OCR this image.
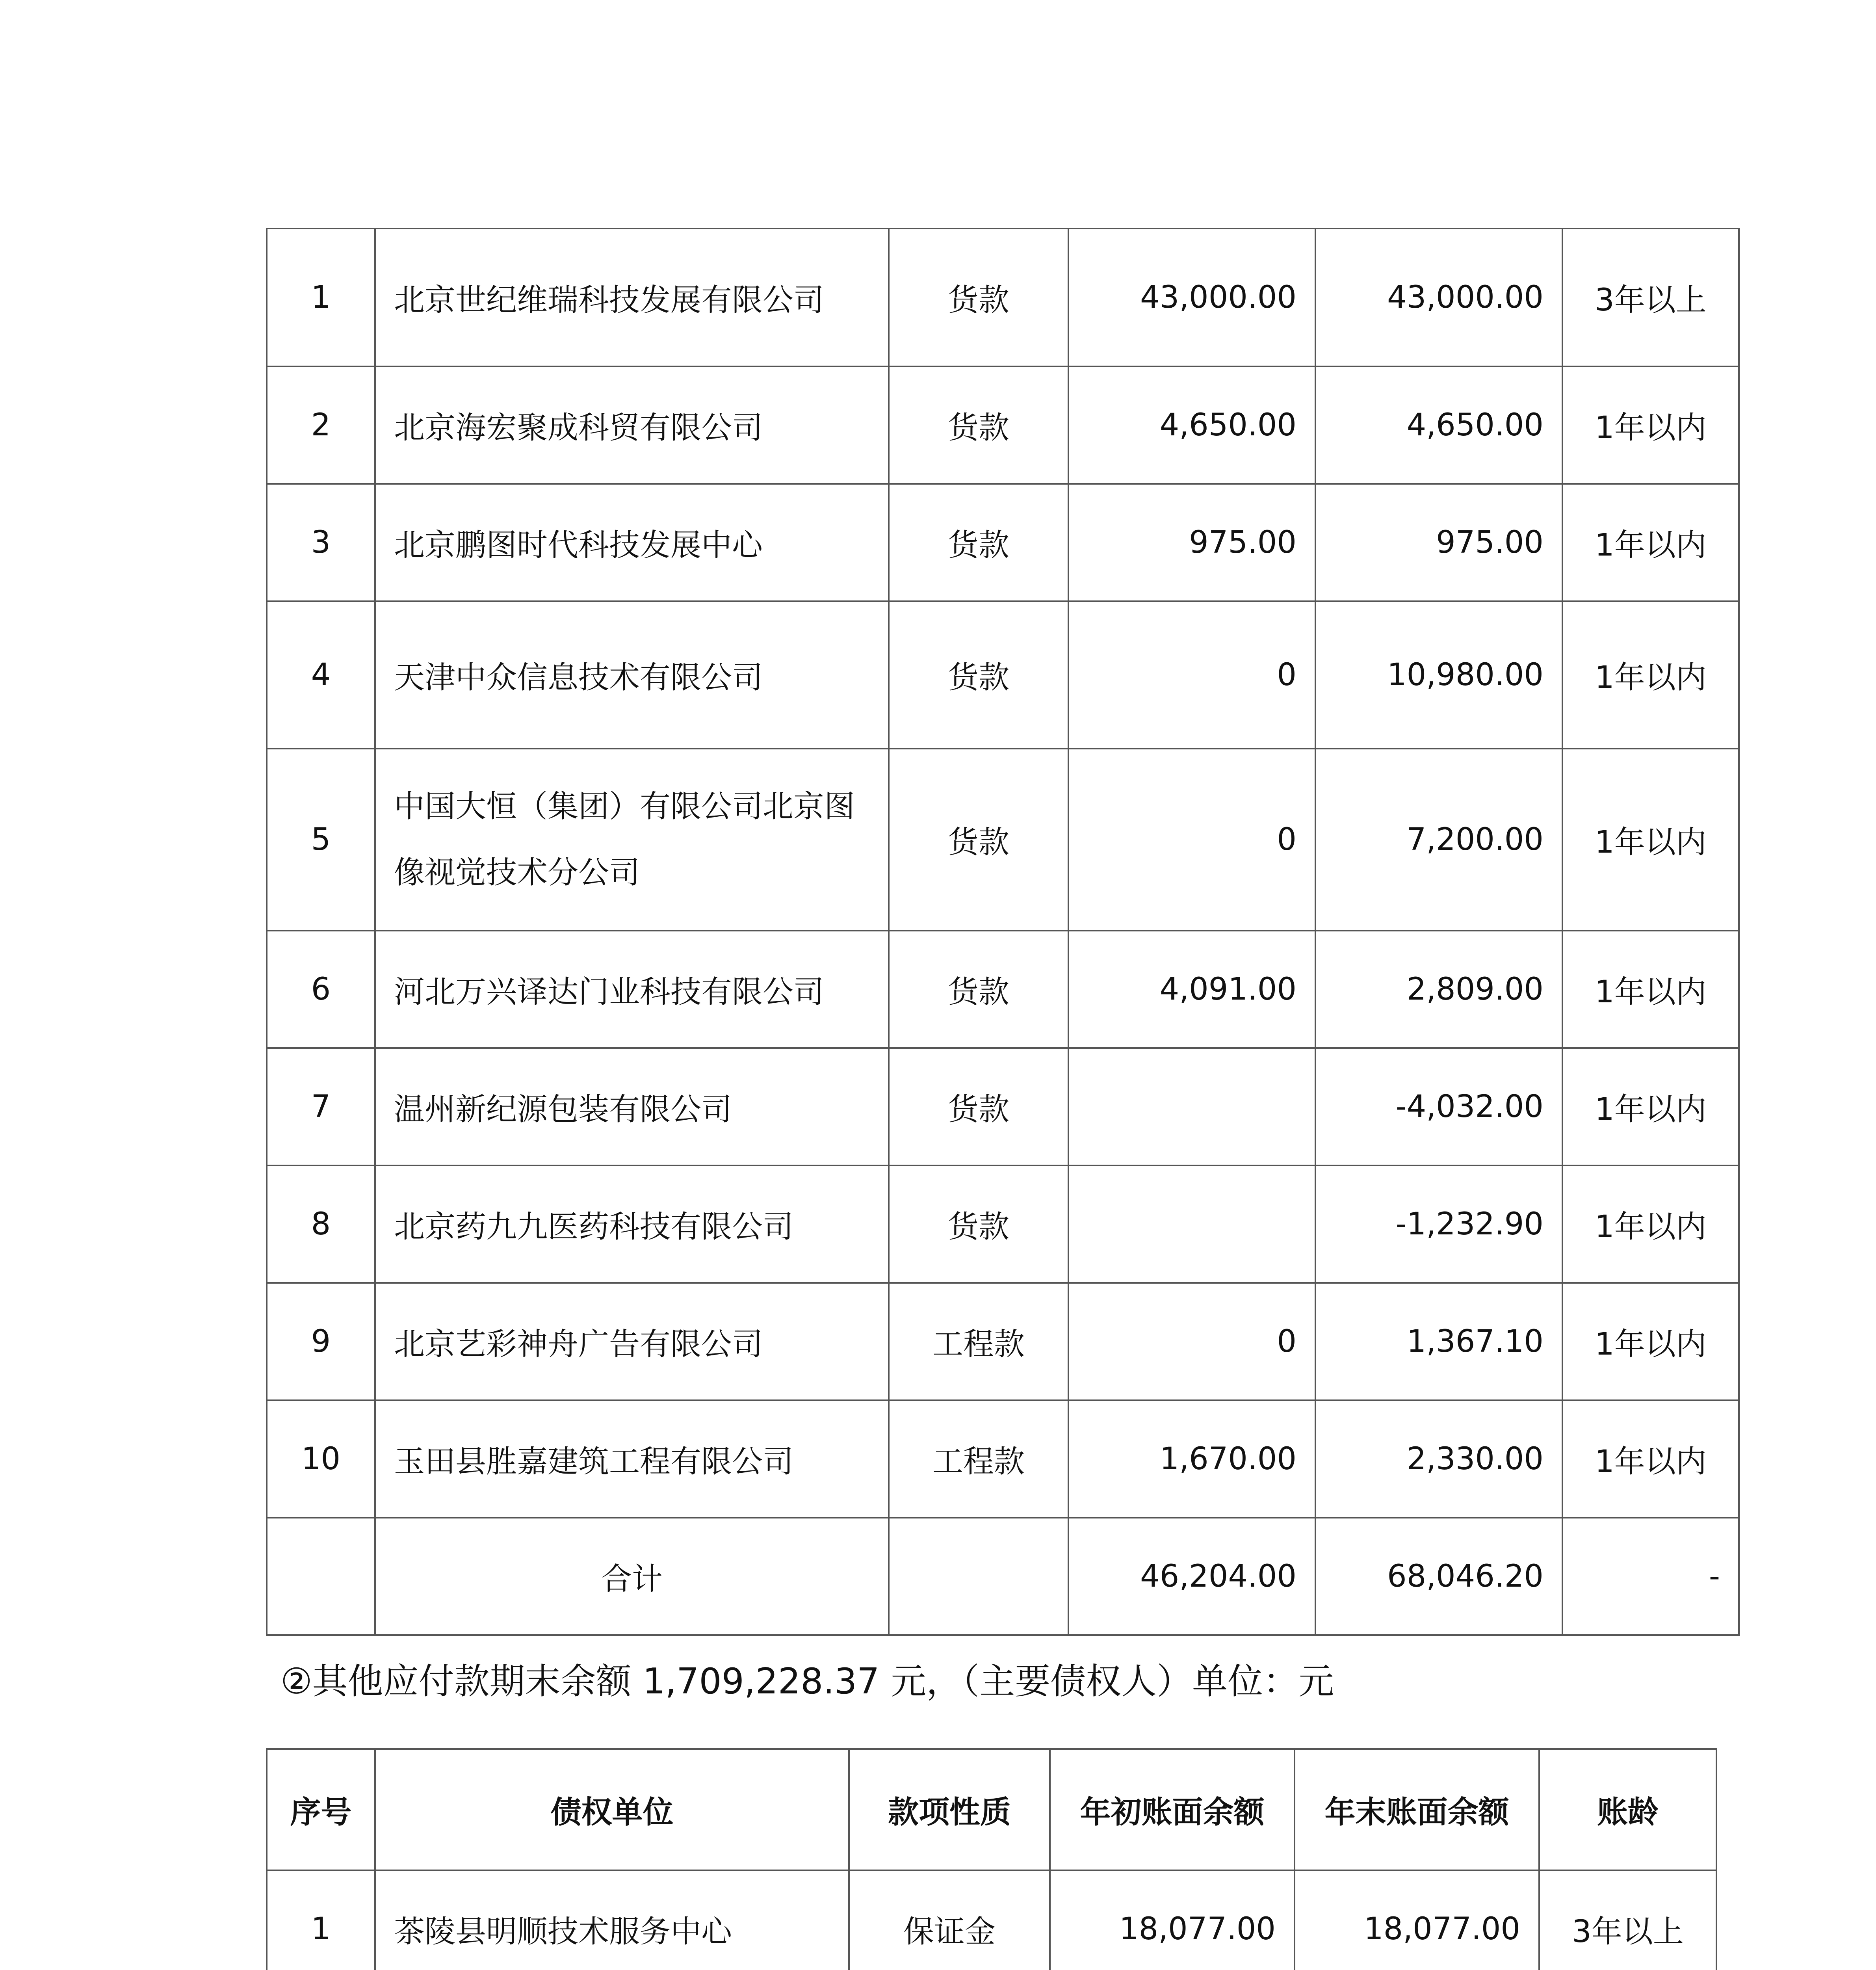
1	北京世纪维瑞科技发展有限公司	货款	43,000.00	43,000.00	3年以上
2	北京海宏聚成科贸有限公司	货款	4,650.00	4,650.00	1年以内
3	北京鹏图时代科技发展中心	货款	975.00	975.00	1年以内
4	天津中众信息技术有限公司	货款	0	10,980.00	1年以内
5	中国大恒（集团）有限公司北京图像视觉技术分公司	货款	0	7,200.00	1年以内
6	河北万兴译达门业科技有限公司	货款	4,091.00	2,809.00	1年以内
7	温州新纪源包装有限公司	货款		-4,032.00	1年以内
8	北京药九九医药科技有限公司	货款		-1,232.90	1年以内
9	北京艺彩神舟广告有限公司	工程款	0	1,367.10	1年以内
10	玉田县胜嘉建筑工程有限公司	工程款	1,670.00	2,330.00	1年以内
	合计		46,204.00	68,046.20	-
②其他应付款期末余额 1,709,228.37 元，（主要债权人）单位：元
序号	债权单位	款项性质	年初账面余额	年末账面余额	账龄
1	茶陵县明顺技术服务中心	保证金	18,077.00	18,077.00	3年以上
